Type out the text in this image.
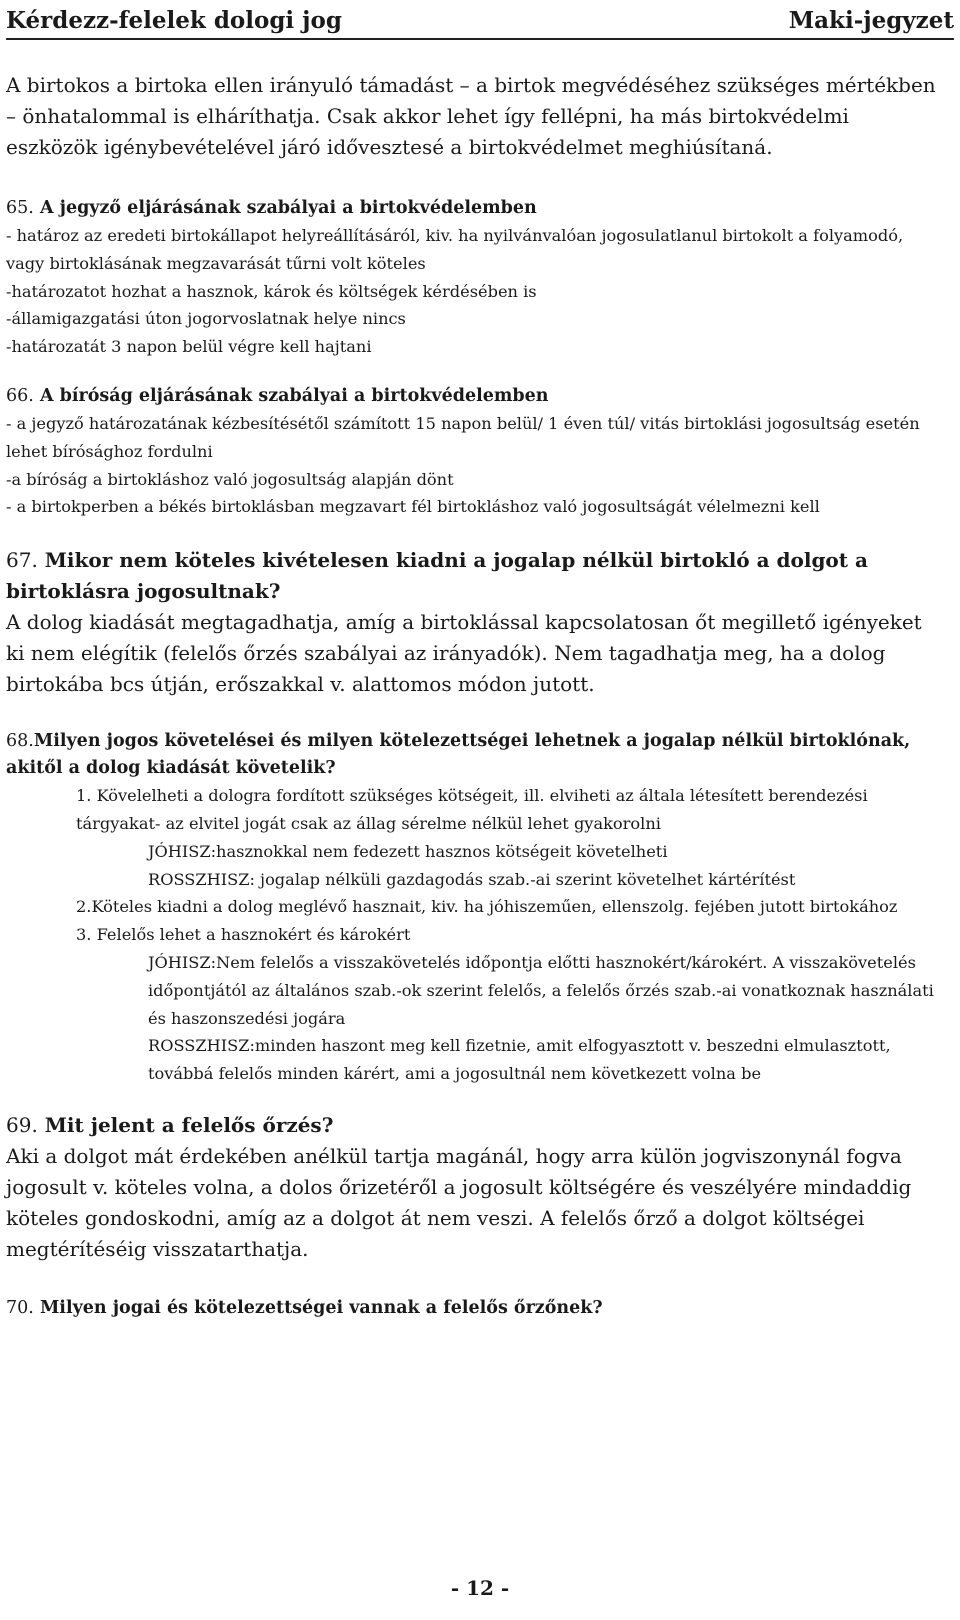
Kérdezz-felelek dologi jog	Maki-jegyzet

A birtokos a birtoka ellen irányuló támadást – a birtok megvédéséhez szükséges mértékben – önhatalommal is elháríthatja. Csak akkor lehet így fellépni, ha más birtokvédelmi eszközök igénybevételével járó idővesztesé a birtokvédelmet meghiúsítaná.

65. A jegyző eljárásának szabályai a birtokvédelemben

- határoz az eredeti birtokállapot helyreállításáról, kiv. ha nyilvánvalóan jogosulatlanul birtokolt a folyamodó, vagy birtoklásának megzavarását tűrni volt köteles

-határozatot hozhat a hasznok, károk és költségek kérdésében is

-államigazgatási úton jogorvoslatnak helye nincs

-határozatát 3 napon belül végre kell hajtani

66. A bíróság eljárásának szabályai a birtokvédelemben

- a jegyző határozatának kézbesítésétől számított 15 napon belül/ 1 éven túl/ vitás birtoklási jogosultság esetén lehet bírósághoz fordulni

-a bíróság a birtokláshoz való jogosultság alapján dönt

- a birtokperben a békés birtoklásban megzavart fél birtokláshoz való jogosultságát vélelmezni kell

67. Mikor nem köteles kivételesen kiadni a jogalap nélkül birtokló a dolgot a birtoklásra jogosultnak?

A dolog kiadását megtagadhatja, amíg a birtoklással kapcsolatosan őt megillető igényeket ki nem elégítik (felelős őrzés szabályai az irányadók). Nem tagadhatja meg, ha a dolog birtokába bcs útján, erőszakkal v. alattomos módon jutott.

68.Milyen jogos követelései és milyen kötelezettségei lehetnek a jogalap nélkül birtoklónak, akitől a dolog kiadását követelik?

1. Kövelelheti a dologra fordított szükséges kötségeit, ill. elviheti az általa létesített berendezési tárgyakat- az elvitel jogát csak az állag sérelme nélkül lehet gyakorolni

JÓHISZ:hasznokkal nem fedezett hasznos kötségeit követelheti

ROSSZHISZ: jogalap nélküli gazdagodás szab.-ai szerint követelhet kártérítést

2.Köteles kiadni a dolog meglévő hasznait, kiv. ha jóhiszeműen, ellenszolg. fejében jutott birtokához

3. Felelős lehet a hasznokért és károkért

JÓHISZ:Nem felelős a visszakövetelés időpontja előtti hasznokért/károkért. A visszakövetelés időpontjától az általános szab.-ok szerint felelős, a felelős őrzés szab.-ai vonatkoznak használati és haszonszedési jogára

ROSSZHISZ:minden haszont meg kell fizetnie, amit elfogyasztott v. beszedni elmulasztott, továbbá felelős minden kárért, ami a jogosultnál nem következett volna be

69. Mit jelent a felelős őrzés?

Aki a dolgot mát érdekében anélkül tartja magánál, hogy arra külön jogviszonynál fogva jogosult v. köteles volna, a dolos őrizetéről a jogosult költségére és veszélyére mindaddig köteles gondoskodni, amíg az a dolgot át nem veszi. A felelős őrző a dolgot költségei megtérítéséig visszatarthatja.

70. Milyen jogai és kötelezettségei vannak a felelős őrzőnek?
- 12 -
